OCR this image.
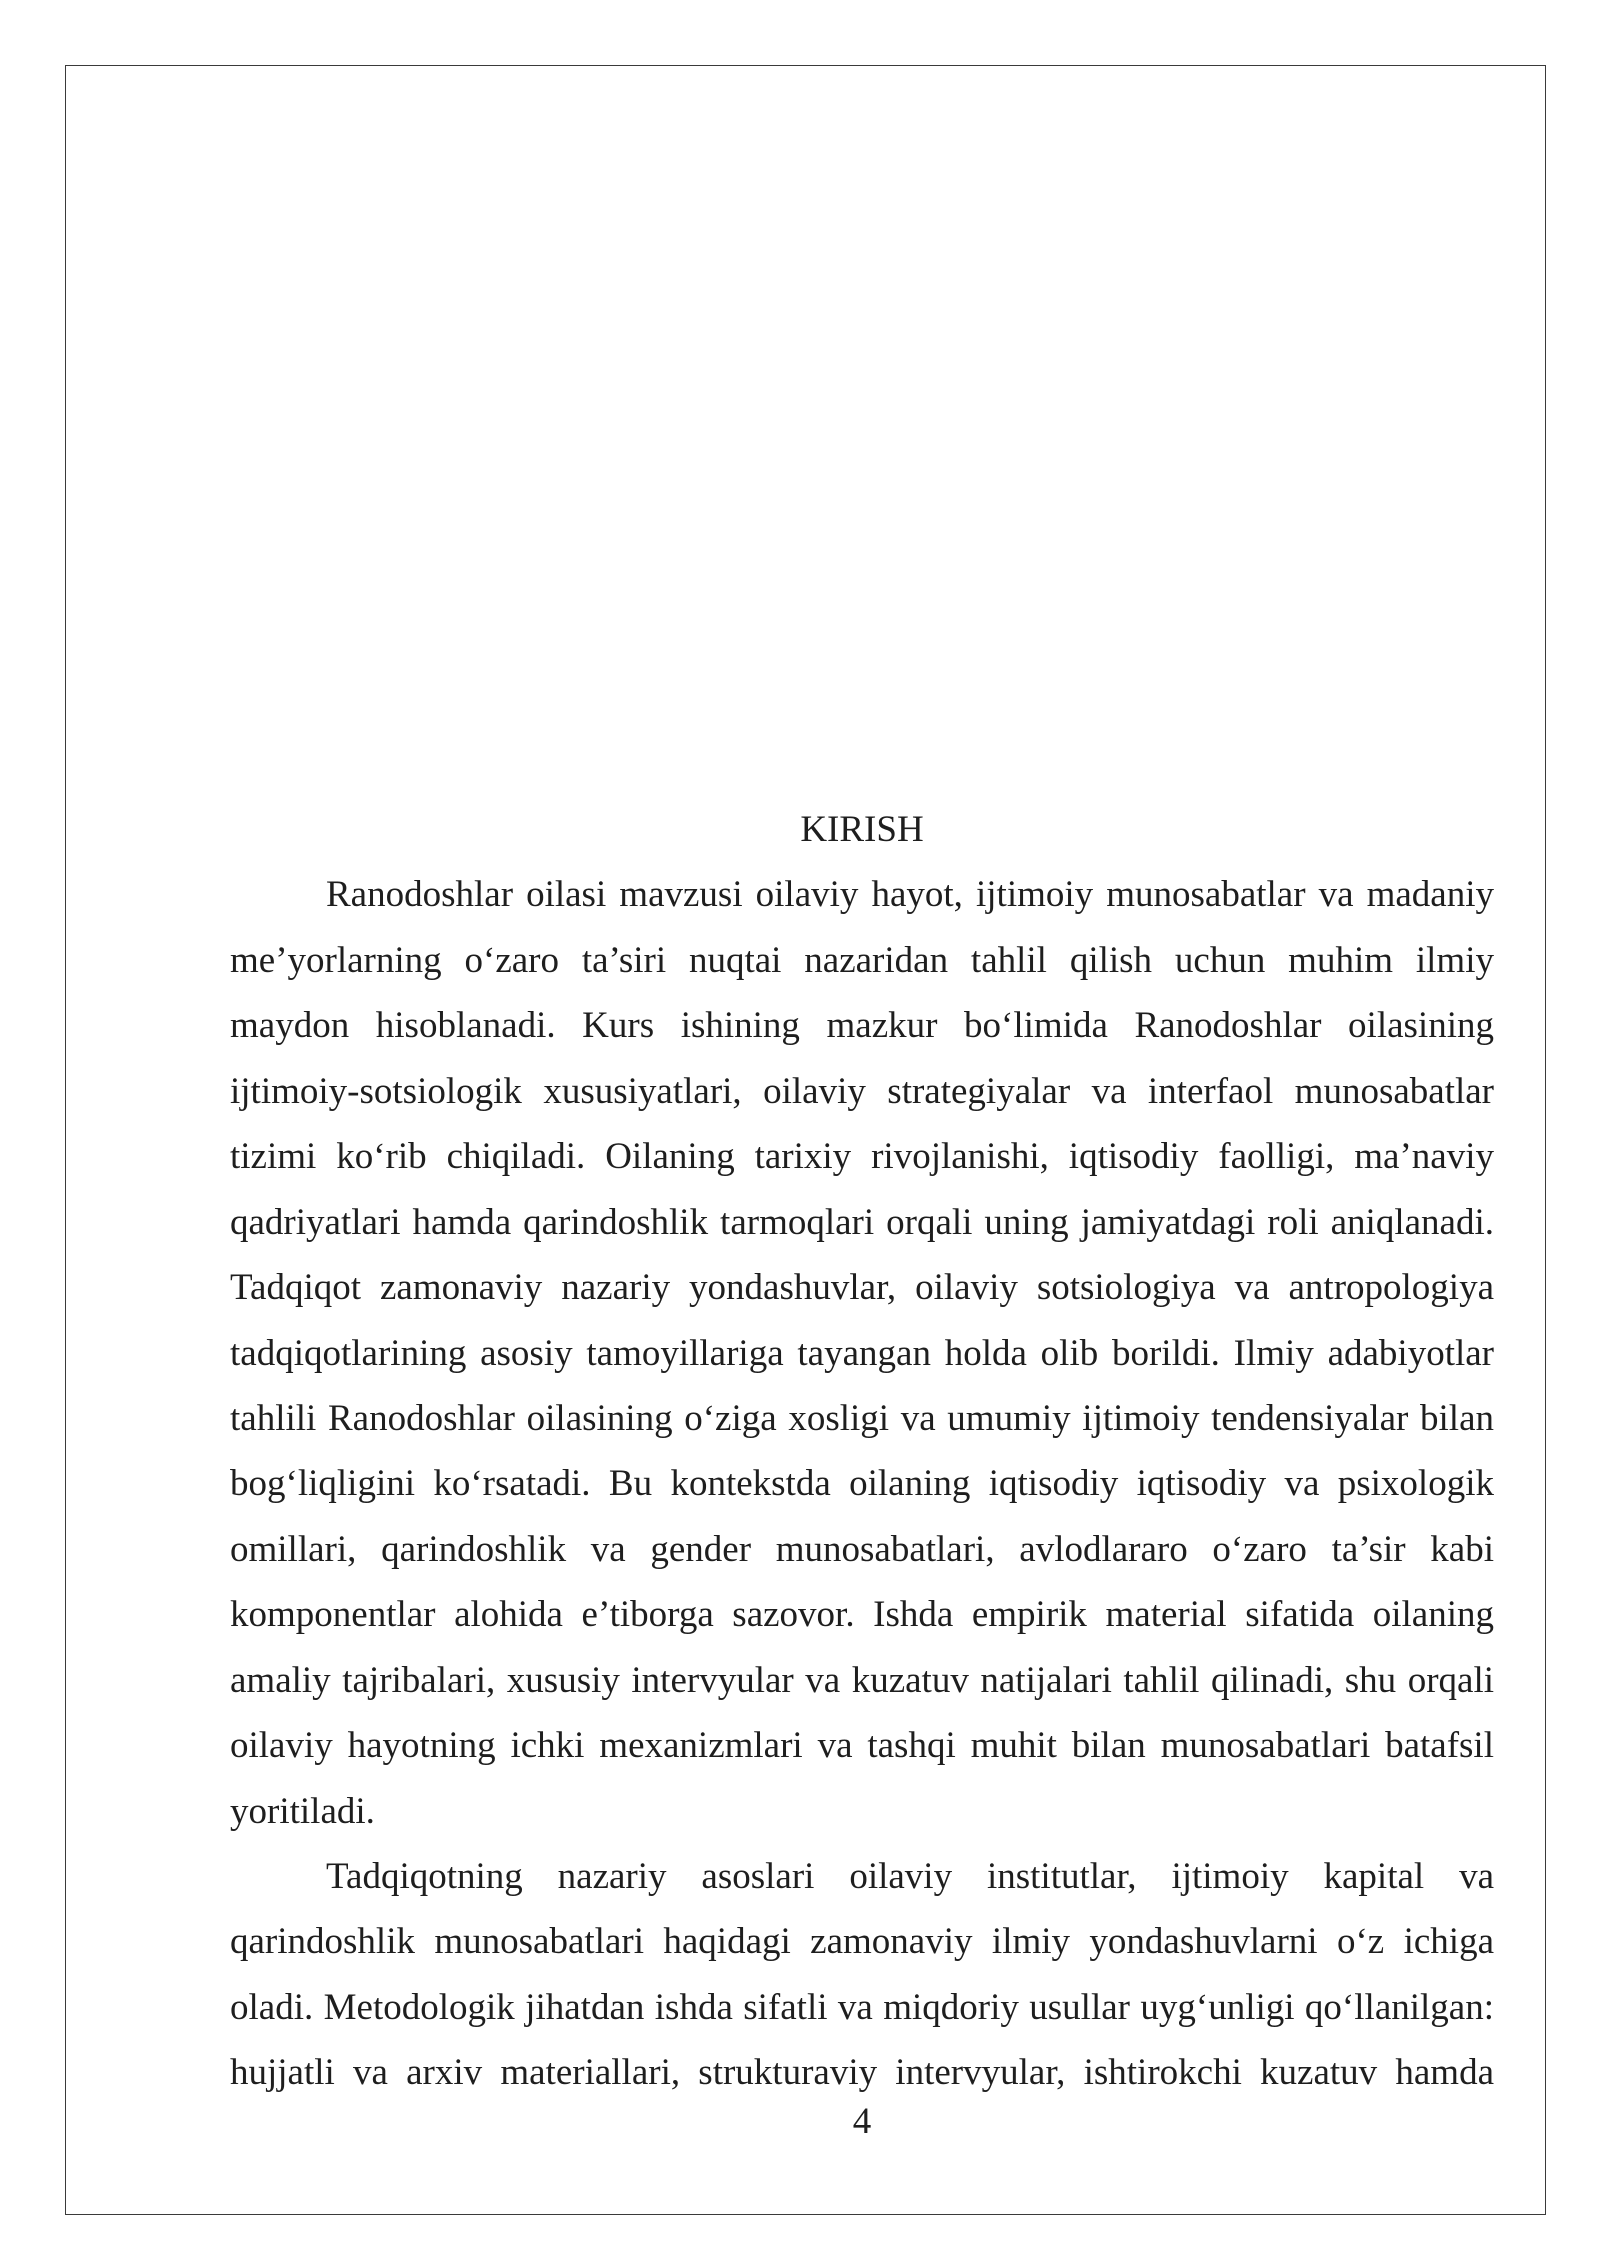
KIRISH
Ranodoshlar oilasi mavzusi oilaviy hayot, ijtimoiy munosabatlar va madaniy
me’yorlarning o‘zaro ta’siri nuqtai nazaridan tahlil qilish uchun muhim ilmiy
maydon hisoblanadi. Kurs ishining mazkur bo‘limida Ranodoshlar oilasining
ijtimoiy-sotsiologik xususiyatlari, oilaviy strategiyalar va interfaol munosabatlar
tizimi ko‘rib chiqiladi. Oilaning tarixiy rivojlanishi, iqtisodiy faolligi, ma’naviy
qadriyatlari hamda qarindoshlik tarmoqlari orqali uning jamiyatdagi roli aniqlanadi.
Tadqiqot zamonaviy nazariy yondashuvlar, oilaviy sotsiologiya va antropologiya
tadqiqotlarining asosiy tamoyillariga tayangan holda olib borildi. Ilmiy adabiyotlar
tahlili Ranodoshlar oilasining o‘ziga xosligi va umumiy ijtimoiy tendensiyalar bilan
bog‘liqligini ko‘rsatadi. Bu kontekstda oilaning iqtisodiy iqtisodiy va psixologik
omillari, qarindoshlik va gender munosabatlari, avlodlararo o‘zaro ta’sir kabi
komponentlar alohida e’tiborga sazovor. Ishda empirik material sifatida oilaning
amaliy tajribalari, xususiy intervyular va kuzatuv natijalari tahlil qilinadi, shu orqali
oilaviy hayotning ichki mexanizmlari va tashqi muhit bilan munosabatlari batafsil
yoritiladi.
Tadqiqotning nazariy asoslari oilaviy institutlar, ijtimoiy kapital va
qarindoshlik munosabatlari haqidagi zamonaviy ilmiy yondashuvlarni o‘z ichiga
oladi. Metodologik jihatdan ishda sifatli va miqdoriy usullar uyg‘unligi qo‘llanilgan:
hujjatli va arxiv materiallari, strukturaviy intervyular, ishtirokchi kuzatuv hamda
4
